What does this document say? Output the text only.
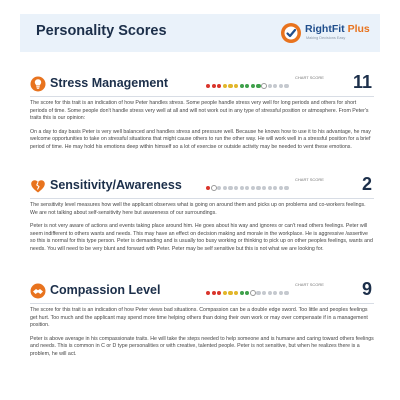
Personality Scores	RightFit Plus
Making Decisions Easy
Stress Management	CHART SCORE 11

The score for this trait is an indication of how Peter handles stress. Some people handle stress very well for long periods and others for short periods of time. Some people don't handle stress very well at all and will not work out in any type of stressful position or atmosphere. From Peter's traits this is our opinion:

On a day to day basis Peter is very well balanced and handles stress and pressure well. Because he knows how to use it to his advantage, he may welcome opportunities to take on stressful situations that might cause others to run the other way. He will work well in a stressful position for a brief period of time. He may hold his emotions deep within himself so a lot of exercise or outside activity may be needed to vent these emotions.

Sensitivity/Awareness	CHART SCORE 2

The sensitivity level measures how well the applicant observes what is going on around them and picks up on problems and co-workers feelings. We are not talking about self-sensitivity here but awareness of our surroundings.

Peter is not very aware of actions and events taking place around him. He goes about his way and ignores or can't read others feelings. Peter will seem indifferent to others wants and needs. This may have an effect on decision making and morale in the workplace. He is aggressive /assertive so this is normal for this type person. Peter is demanding and is usually too busy working or thinking to pick up on other peoples feelings, wants and needs. You will need to be very blunt and forward with Peter. Peter may be self sensitive but this is not what we are looking for.

Compassion Level	CHART SCORE 9

The score for this trait is an indication of how Peter views bad situations. Compassion can be a double edge sword. Too little and peoples feelings get hurt. Too much and the applicant may spend more time helping others than doing their own work or may over compensate if in a management position.

Peter is above average in his compassionate traits. He will take the steps needed to help someone and is humane and caring toward others feelings and needs. This is common in C or D type personalities or with creative, talented people. Peter is not sensitive, but when he realizes there is a problem, he will act.
